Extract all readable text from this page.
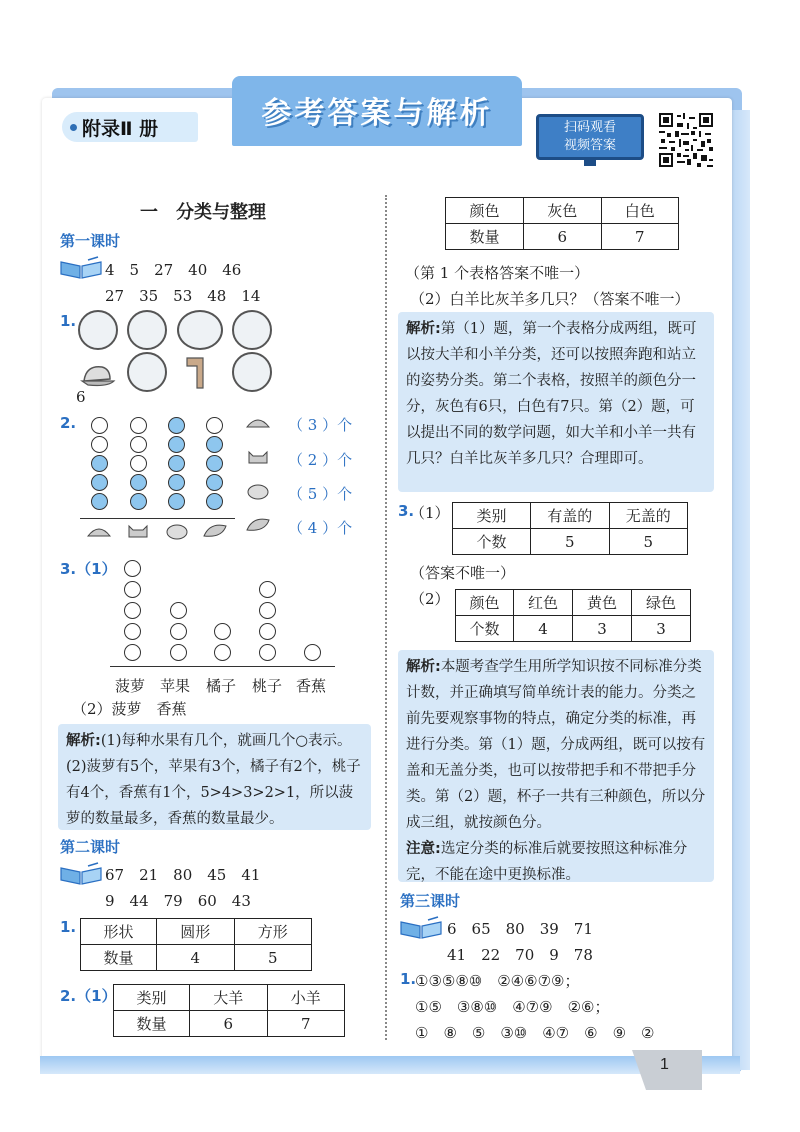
1
参考答案与解析
附录Ⅱ 册	扫码观看
视频答案
一　分类与整理
第一课时
4　5　27　40　46
27　35　53　48　14
1.
6
2.	（ 3 ）个
（ 2 ）个
（ 5 ）个
（ 4 ）个
3.（1）
菠萝 苹果 橘子 桃子 香蕉
（2）菠萝　香蕉
解析:(1)每种水果有几个，就画几个○表示。(2)菠萝有5个，苹果有3个，橘子有2个，桃子有4个，香蕉有1个，5>4>3>2>1，所以菠萝的数量最多，香蕉的数量最少。
第二课时
67　21　80　45　41
9　44　79　60　43
1. 形状	圆形	方形
数量	4	5
2.（1） 类别	大羊	小羊
数量	6	7
颜色	灰色	白色
数量	6	7
（第 1 个表格答案不唯一）
（2）白羊比灰羊多几只？（答案不唯一）
解析:第（1）题，第一个表格分成两组，既可以按大羊和小羊分类，还可以按照奔跑和站立的姿势分类。第二个表格，按照羊的颜色分一分，灰色有6只，白色有7只。第（2）题，可以提出不同的数学问题，如大羊和小羊一共有几只？白羊比灰羊多几只？合理即可。
3.
（1） 类别	有盖的	无盖的
个数	5	5
（答案不唯一）
（2） 颜色	红色	黄色	绿色
个数	4	3	3
解析:本题考查学生用所学知识按不同标准分类计数，并正确填写简单统计表的能力。分类之前先要观察事物的特点，确定分类的标准，再进行分类。第（1）题，分成两组，既可以按有盖和无盖分类，也可以按带把手和不带把手分类。第（2）题，杯子一共有三种颜色，所以分成三组，就按颜色分。
注意:选定分类的标准后就要按照这种标准分完，不能在途中更换标准。
第三课时
6　65　80　39　71
41　22　70　9　78
1.
①③⑤⑧⑩　②④⑥⑦⑨；
①⑤　③⑧⑩　④⑦⑨　②⑥；
①　⑧　⑤　③⑩　④⑦　⑥　⑨　②
